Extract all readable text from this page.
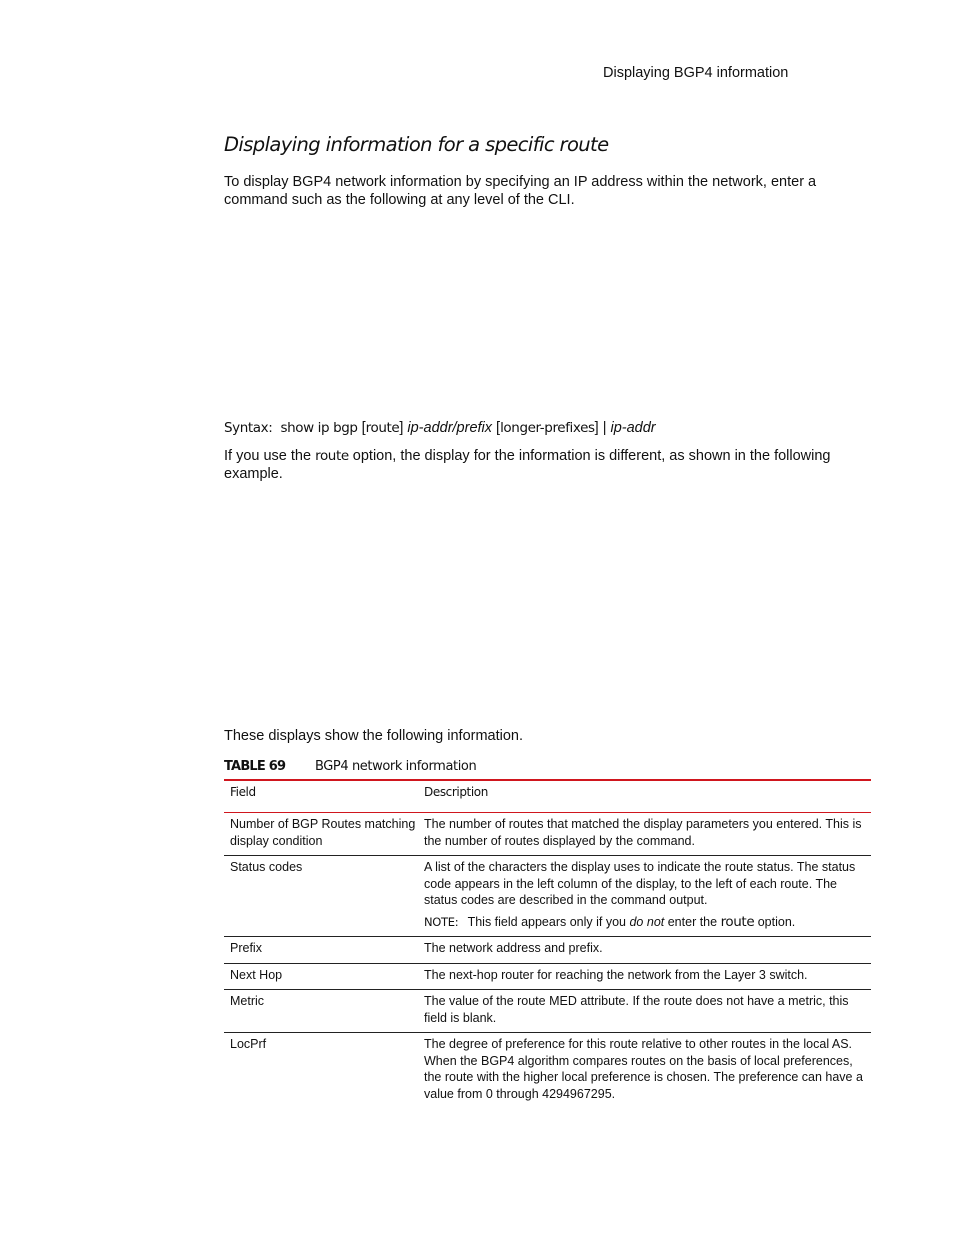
Displaying BGP4 information
Displaying information for a specific route

To display BGP4 network information by specifying an IP address within the network, enter a command such as the following at any level of the CLI.

Syntax: show ip bgp [route] ip-addr/prefix [longer-prefixes] | ip-addr

If you use the route option, the display for the information is different, as shown in the following example.

These displays show the following information.

TABLE 69 BGP4 network information
Field	Description
Number of BGP Routes matching display condition	The number of routes that matched the display parameters you entered. This is the number of routes displayed by the command.
Status codes	A list of the characters the display uses to indicate the route status. The status code appears in the left column of the display, to the left of each route. The status codes are described in the command output.
NOTE: This field appears only if you do not enter the route option.

Prefix	The network address and prefix.
Next Hop	The next-hop router for reaching the network from the Layer 3 switch.
Metric	The value of the route MED attribute. If the route does not have a metric, this field is blank.
LocPrf	The degree of preference for this route relative to other routes in the local AS. When the BGP4 algorithm compares routes on the basis of local preferences, the route with the higher local preference is chosen. The preference can have a value from 0 through 4294967295.
